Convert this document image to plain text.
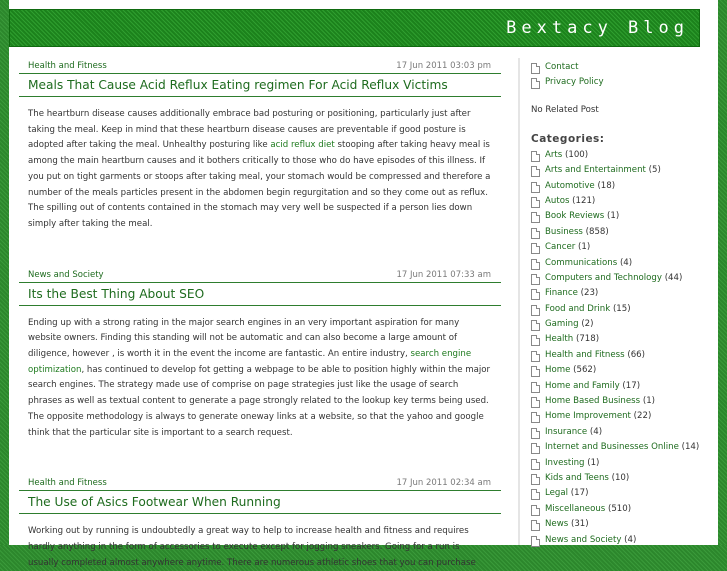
Bextacy Blog
Health and Fitness	17 Jun 2011 03:03 pm
Meals That Cause Acid Reflux Eating regimen For Acid Reflux Victims

The heartburn disease causes additionally embrace bad posturing or positioning, particularly just after taking the meal. Keep in mind that these heartburn disease causes are preventable if good posture is adopted after taking the meal. Unhealthy posturing like acid reflux diet stooping after taking heavy meal is among the main heartburn causes and it bothers critically to those who do have episodes of this illness. If you put on tight garments or stoops after taking meal, your stomach would be compressed and therefore a number of the meals particles present in the abdomen begin regurgitation and so they come out as reflux. The spilling out of contents contained in the stomach may very well be suspected if a person lies down simply after taking the meal.

News and Society	17 Jun 2011 07:33 am
Its the Best Thing About SEO

Ending up with a strong rating in the major search engines in an very important aspiration for many website owners. Finding this standing will not be automatic and can also become a large amount of diligence, however , is worth it in the event the income are fantastic. An entire industry, search engine optimization, has continued to develop fot getting a webpage to be able to position highly within the major search engines. The strategy made use of comprise on page strategies just like the usage of search phrases as well as textual content to generate a page strongly related to the lookup key terms being used. The opposite methodology is always to generate oneway links at a website, so that the yahoo and google think that the particular site is important to a search request.

Health and Fitness	17 Jun 2011 02:34 am
The Use of Asics Footwear When Running

Working out by running is undoubtedly a great way to help to increase health and fitness and requires hardly anything in the form of accessories to execute except for jogging sneakers. Going for a run is usually completed almost anywhere anytime. There are numerous athletic shoes that you can purchase

Contact
Privacy Policy
No Related Post
Categories:
Arts (100)
Arts and Entertainment (5)
Automotive (18)
Autos (121)
Book Reviews (1)
Business (858)
Cancer (1)
Communications (4)
Computers and Technology (44)
Finance (23)
Food and Drink (15)
Gaming (2)
Health (718)
Health and Fitness (66)
Home (562)
Home and Family (17)
Home Based Business (1)
Home Improvement (22)
Insurance (4)
Internet and Businesses Online (14)
Investing (1)
Kids and Teens (10)
Legal (17)
Miscellaneous (510)
News (31)
News and Society (4)
